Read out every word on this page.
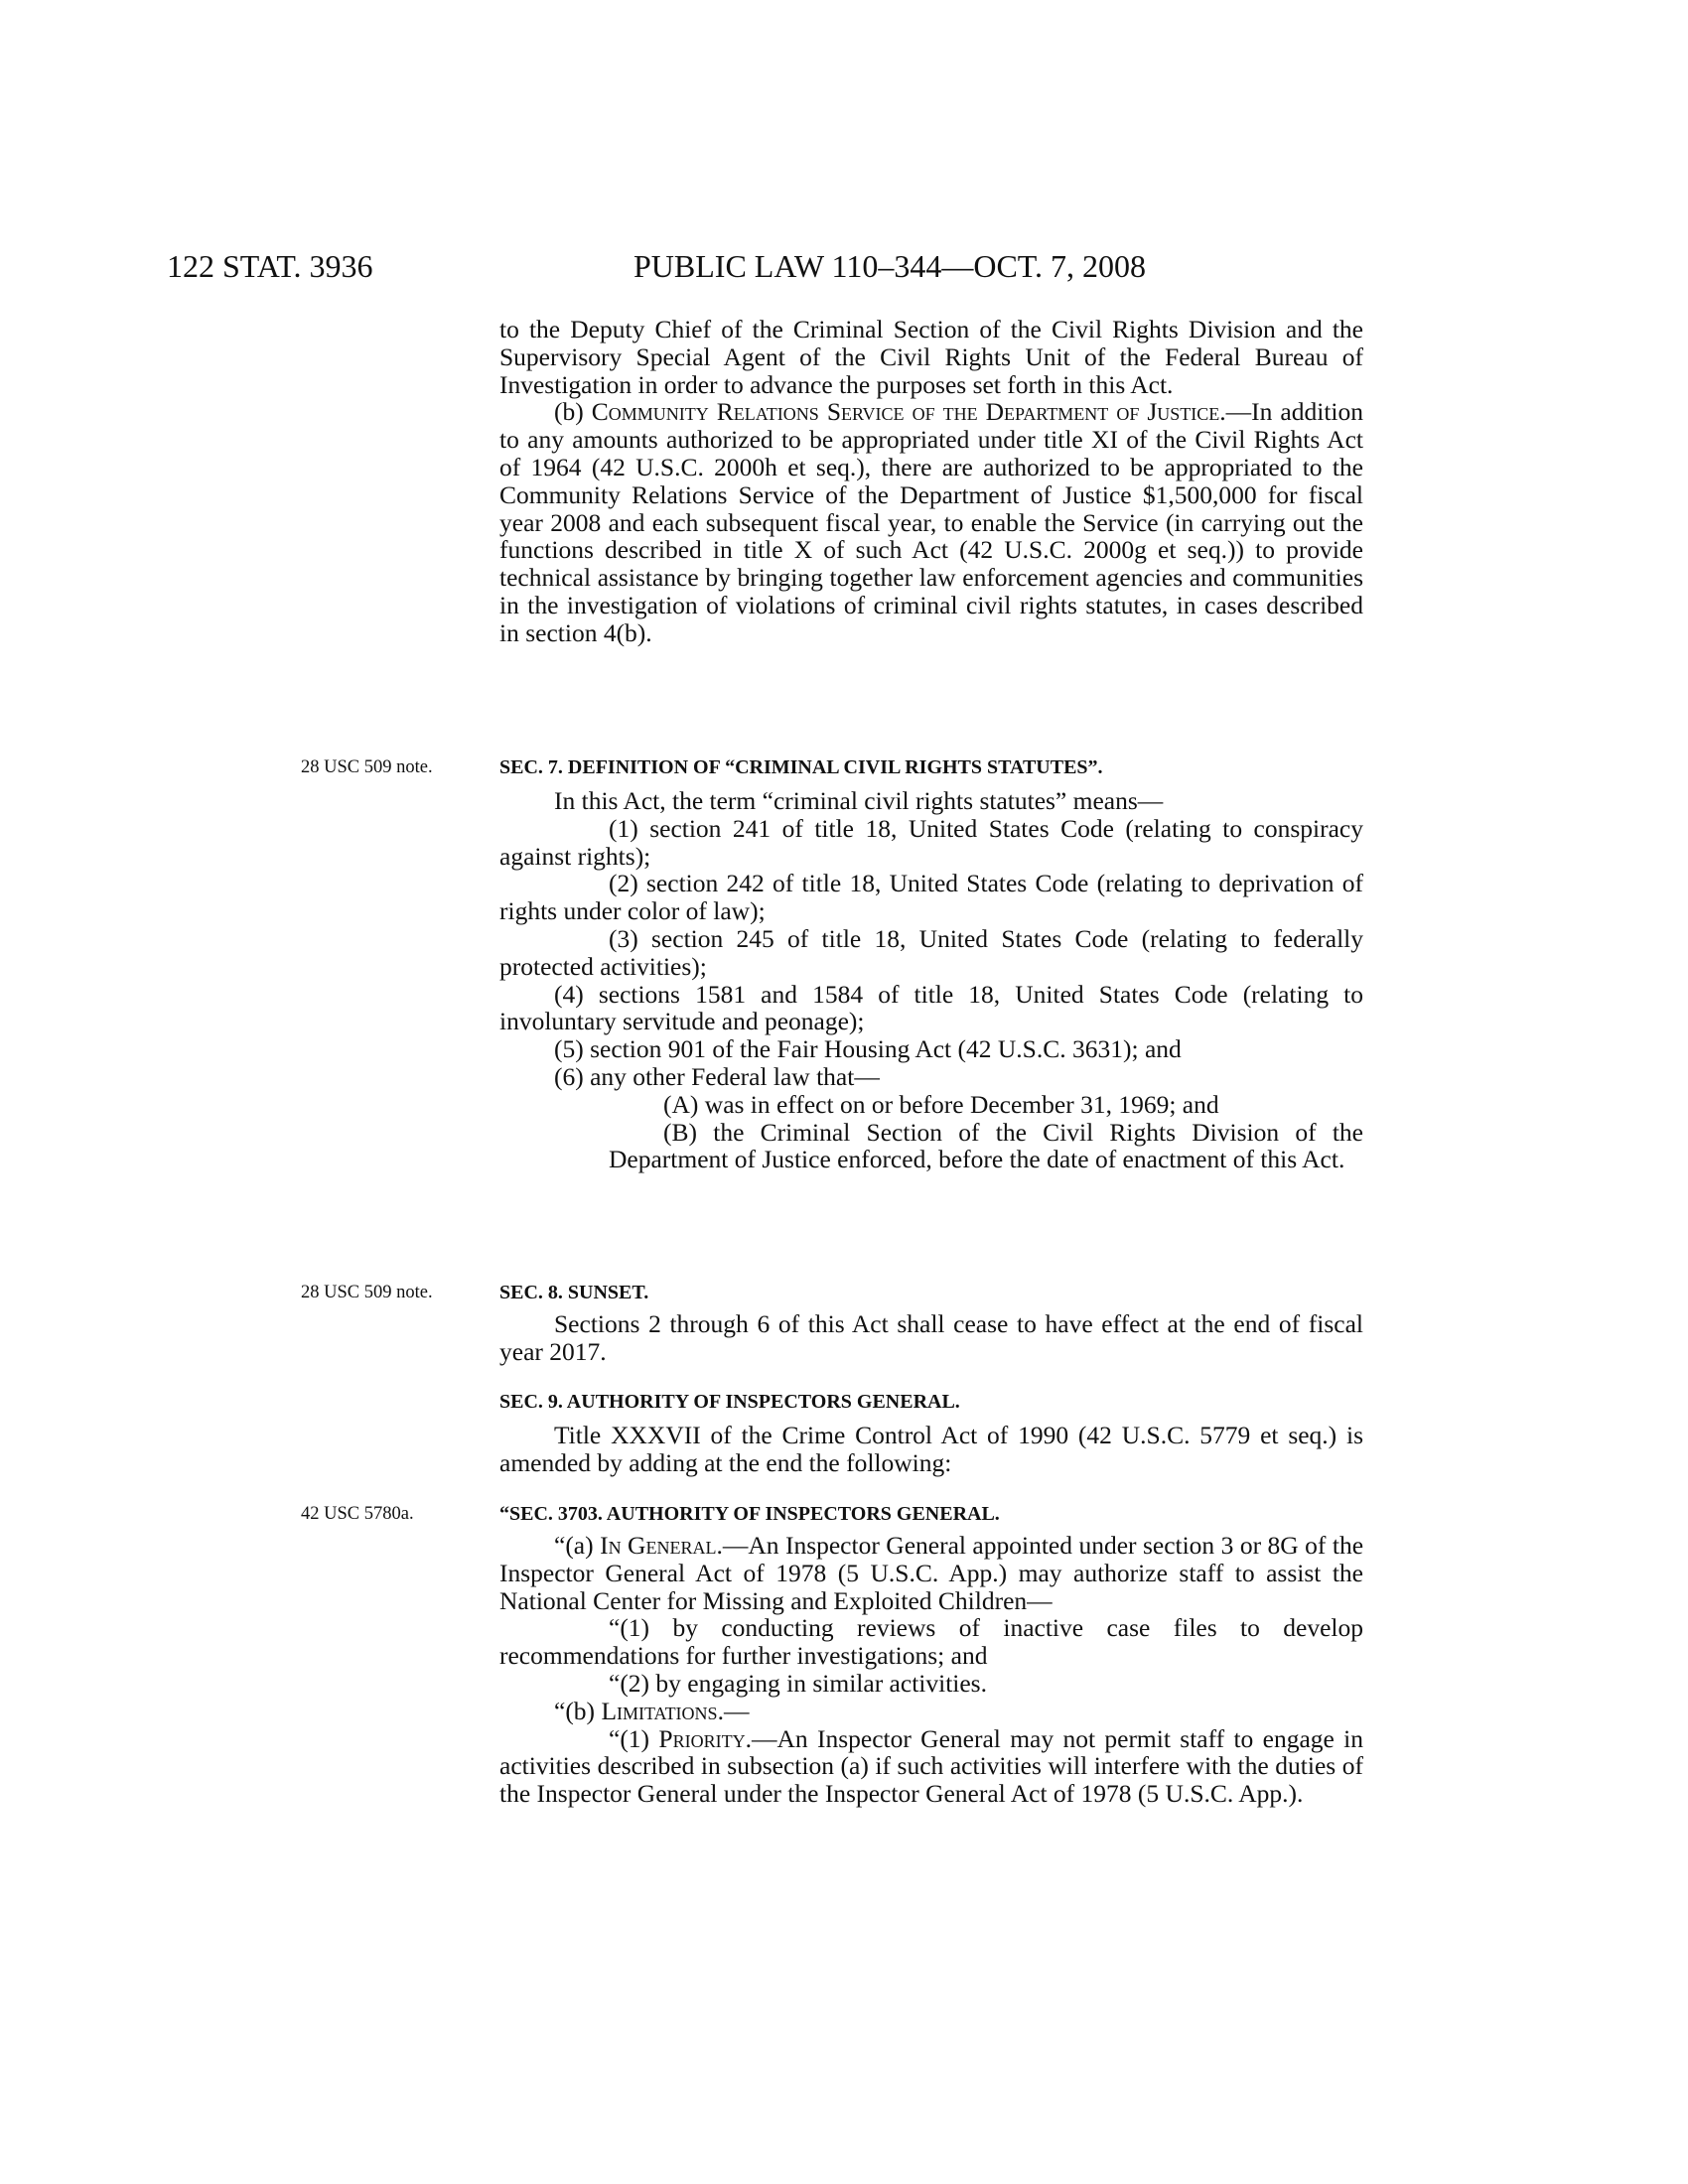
122 STAT. 3936	PUBLIC LAW 110–344—OCT. 7, 2008

to the Deputy Chief of the Criminal Section of the Civil Rights Division and the Supervisory Special Agent of the Civil Rights Unit of the Federal Bureau of Investigation in order to advance the purposes set forth in this Act.

(b) Community Relations Service of the Department of Justice.—In addition to any amounts authorized to be appropriated under title XI of the Civil Rights Act of 1964 (42 U.S.C. 2000h et seq.), there are authorized to be appropriated to the Community Relations Service of the Department of Justice $1,500,000 for fiscal year 2008 and each subsequent fiscal year, to enable the Service (in carrying out the functions described in title X of such Act (42 U.S.C. 2000g et seq.)) to provide technical assistance by bringing together law enforcement agencies and communities in the investigation of violations of criminal civil rights statutes, in cases described in section 4(b).

28 USC 509 note.	SEC. 7. DEFINITION OF “CRIMINAL CIVIL RIGHTS STATUTES”.

In this Act, the term “criminal civil rights statutes” means—

(1) section 241 of title 18, United States Code (relating to conspiracy against rights);

(2) section 242 of title 18, United States Code (relating to deprivation of rights under color of law);

(3) section 245 of title 18, United States Code (relating to federally protected activities);

(4) sections 1581 and 1584 of title 18, United States Code (relating to involuntary servitude and peonage);

(5) section 901 of the Fair Housing Act (42 U.S.C. 3631); and

(6) any other Federal law that—

(A) was in effect on or before December 31, 1969; and

(B) the Criminal Section of the Civil Rights Division of the Department of Justice enforced, before the date of enactment of this Act.

28 USC 509 note.	SEC. 8. SUNSET.

Sections 2 through 6 of this Act shall cease to have effect at the end of fiscal year 2017.

SEC. 9. AUTHORITY OF INSPECTORS GENERAL.

Title XXXVII of the Crime Control Act of 1990 (42 U.S.C. 5779 et seq.) is amended by adding at the end the following:

42 USC 5780a.	“SEC. 3703. AUTHORITY OF INSPECTORS GENERAL.

“(a) In General.—An Inspector General appointed under section 3 or 8G of the Inspector General Act of 1978 (5 U.S.C. App.) may authorize staff to assist the National Center for Missing and Exploited Children—

“(1) by conducting reviews of inactive case files to develop recommendations for further investigations; and

“(2) by engaging in similar activities.

“(b) Limitations.—

“(1) Priority.—An Inspector General may not permit staff to engage in activities described in subsection (a) if such activities will interfere with the duties of the Inspector General under the Inspector General Act of 1978 (5 U.S.C. App.).
